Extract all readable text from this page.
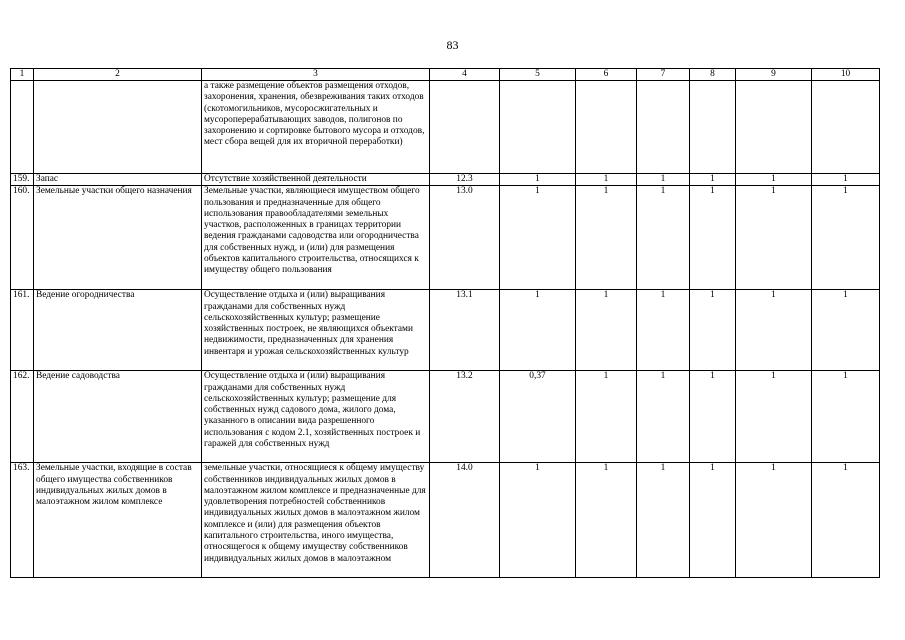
83
1	2	3	4	5	6	7	8	9	10
		а также размещение объектов размещения отходов, захоронения, хранения, обезвреживания таких отходов (скотомогильников, мусоросжигательных и мусороперерабатывающих заводов, полигонов по захоронению и сортировке бытового мусора и отходов, мест сбора вещей для их вторичной переработки)							
159.	Запас	Отсутствие хозяйственной деятельности	12.3	1	1	1	1	1	1
160.	Земельные участки общего назначения	Земельные участки, являющиеся имуществом общего пользования и предназначенные для общего использования правообладателями земельных участков, расположенных в границах территории ведения гражданами садоводства или огородничества для собственных нужд, и (или) для размещения объектов капитального строительства, относящихся к имуществу общего пользования	13.0	1	1	1	1	1	1
161.	Ведение огородничества	Осуществление отдыха и (или) выращивания гражданами для собственных нужд сельскохозяйственных культур; размещение хозяйственных построек, не являющихся объектами недвижимости, предназначенных для хранения инвентаря и урожая сельскохозяйственных культур	13.1	1	1	1	1	1	1
162.	Ведение садоводства	Осуществление отдыха и (или) выращивания гражданами для собственных нужд сельскохозяйственных культур; размещение для собственных нужд садового дома, жилого дома, указанного в описании вида разрешенного использования с кодом 2.1, хозяйственных построек и гаражей для собственных нужд	13.2	0,37	1	1	1	1	1
163.	Земельные участки, входящие в состав общего имущества собственников индивидуальных жилых домов в малоэтажном жилом комплексе	земельные участки, относящиеся к общему имуществу собственников индивидуальных жилых домов в малоэтажном жилом комплексе и предназначенные для удовлетворения потребностей собственников индивидуальных жилых домов в малоэтажном жилом комплексе и (или) для размещения объектов капитального строительства, иного имущества, относящегося к общему имуществу собственников индивидуальных жилых домов в малоэтажном	14.0	1	1	1	1	1	1
